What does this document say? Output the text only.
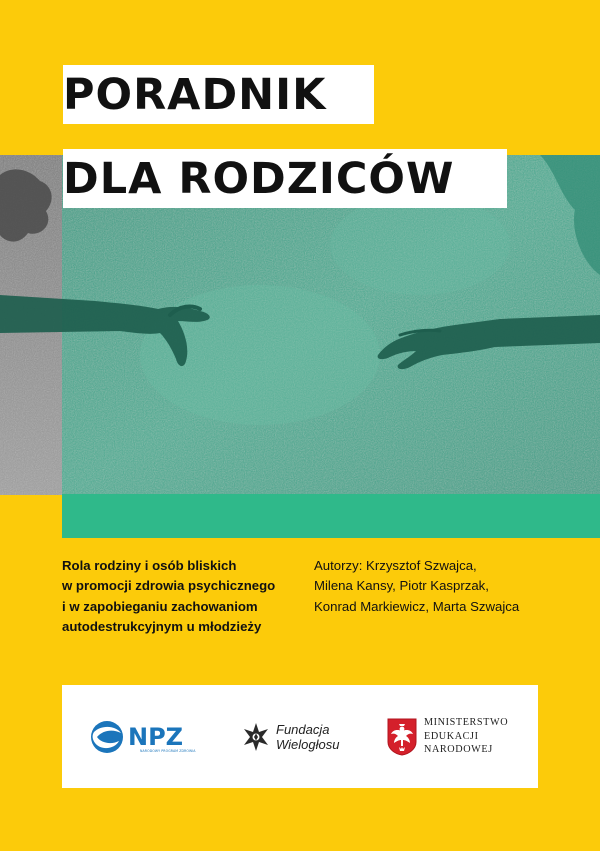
PORADNIK
DLA RODZICÓW
Rola rodziny i osób bliskich
w promocji zdrowia psychicznego
i w zapobieganiu zachowaniom
autodestrukcyjnym u młodzieży
Autorzy: Krzysztof Szwajca,
Milena Kansy, Piotr Kasprzak,
Konrad Markiewicz, Marta Szwajca
NPZ
NARODOWY PROGRAM ZDROWIA
Fundacja
Wielogłosu
MINISTERSTWO
EDUKACJI
NARODOWEJ
